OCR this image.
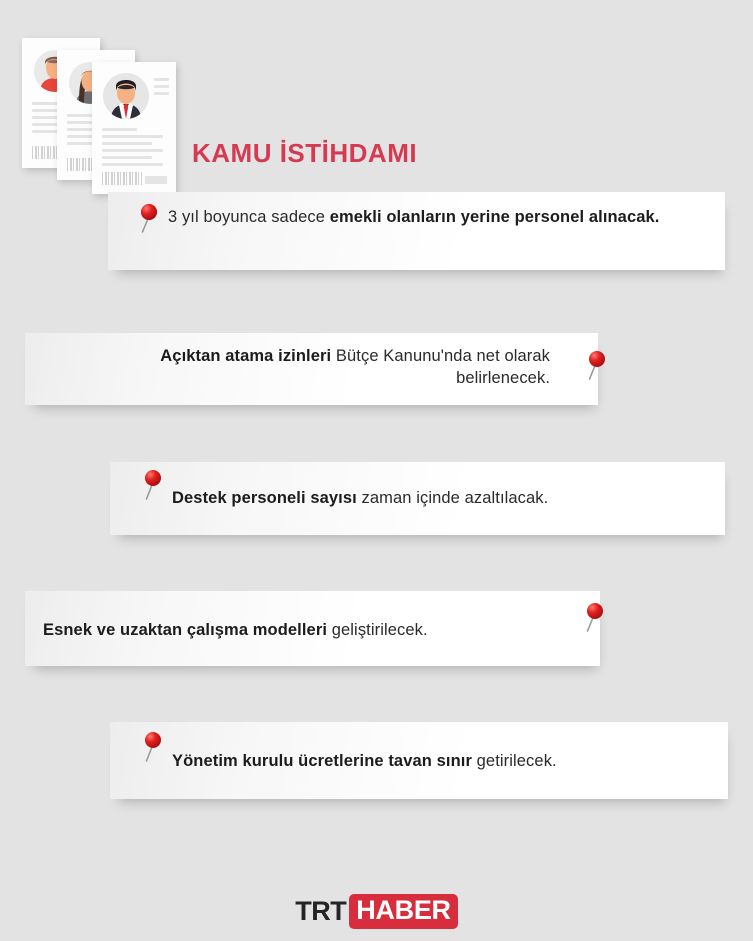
KAMU İSTİHDAMI
3 yıl boyunca sadece emekli olanların yerine personel alınacak.
Açıktan atama izinleri Bütçe Kanunu'nda net olarak belirlenecek.
Destek personeli sayısı zaman içinde azaltılacak.
Esnek ve uzaktan çalışma modelleri geliştirilecek.
Yönetim kurulu ücretlerine tavan sınır getirilecek.
TRT HABER
